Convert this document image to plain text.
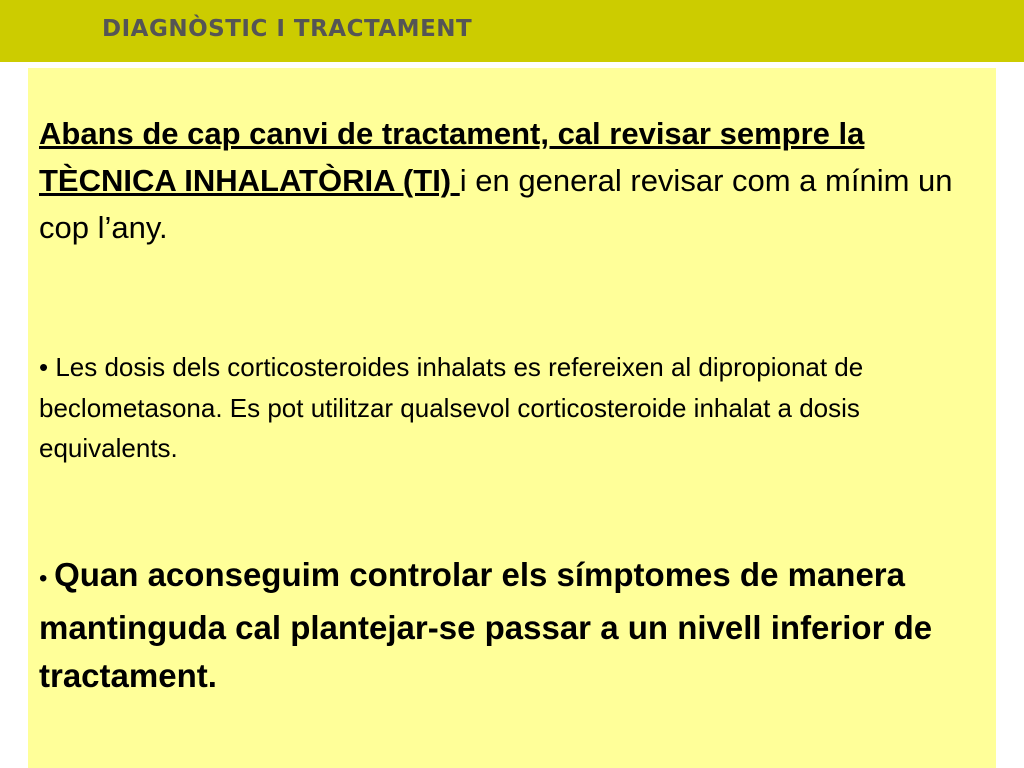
DIAGNÒSTIC I TRACTAMENT

Abans de cap canvi de tractament, cal revisar sempre la TÈCNICA INHALATÒRIA (TI) i en general revisar com a mínim un cop l’any.

• Les dosis dels corticosteroides inhalats es refereixen al dipropionat de beclometasona. Es pot utilitzar qualsevol corticosteroide inhalat a dosis equivalents.

• Quan aconseguim controlar els símptomes de manera mantinguda cal plantejar-se passar a un nivell inferior de tractament.
